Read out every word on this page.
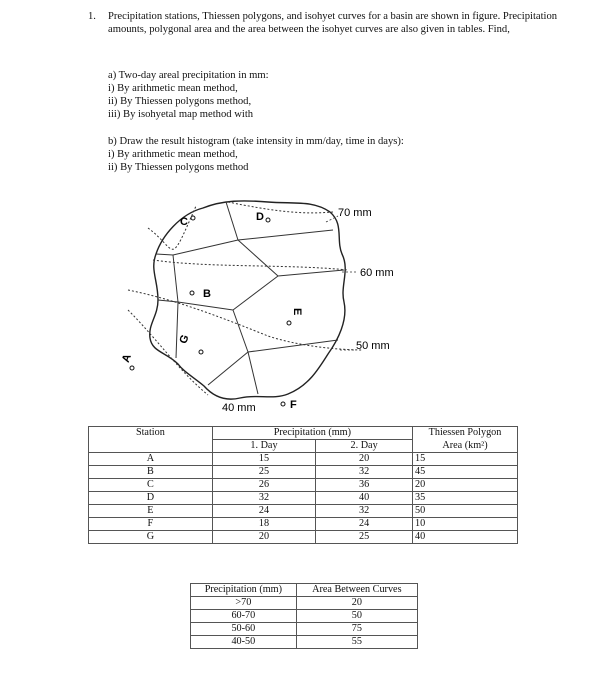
1. Precipitation stations, Thiessen polygons, and isohyet curves for a basin are shown in figure. Precipitation amounts, polygonal area and the area between the isohyet curves are also given in tables. Find,
a) Two-day areal precipitation in mm:
i) By arithmetic mean method,
ii) By Thiessen polygons method,
iii) By isohyetal map method with
b) Draw the result histogram (take intensity in mm/day, time in days):
i) By arithmetic mean method,
ii) By Thiessen polygons method
70 mm
60 mm
50 mm
40 mm
A
B
C	D
E
F
G
Station	Precipitation (mm)		Thiessen Polygon
	1. Day	2. Day	Area (km²)
A	15	20	15
B	25	32	45
C	26	36	20
D	32	40	35
E	24	32	50
F	18	24	10
G	20	25	40
Precipitation (mm)	Area Between Curves
>70	20
60-70	50
50-60	75
40-50	55
